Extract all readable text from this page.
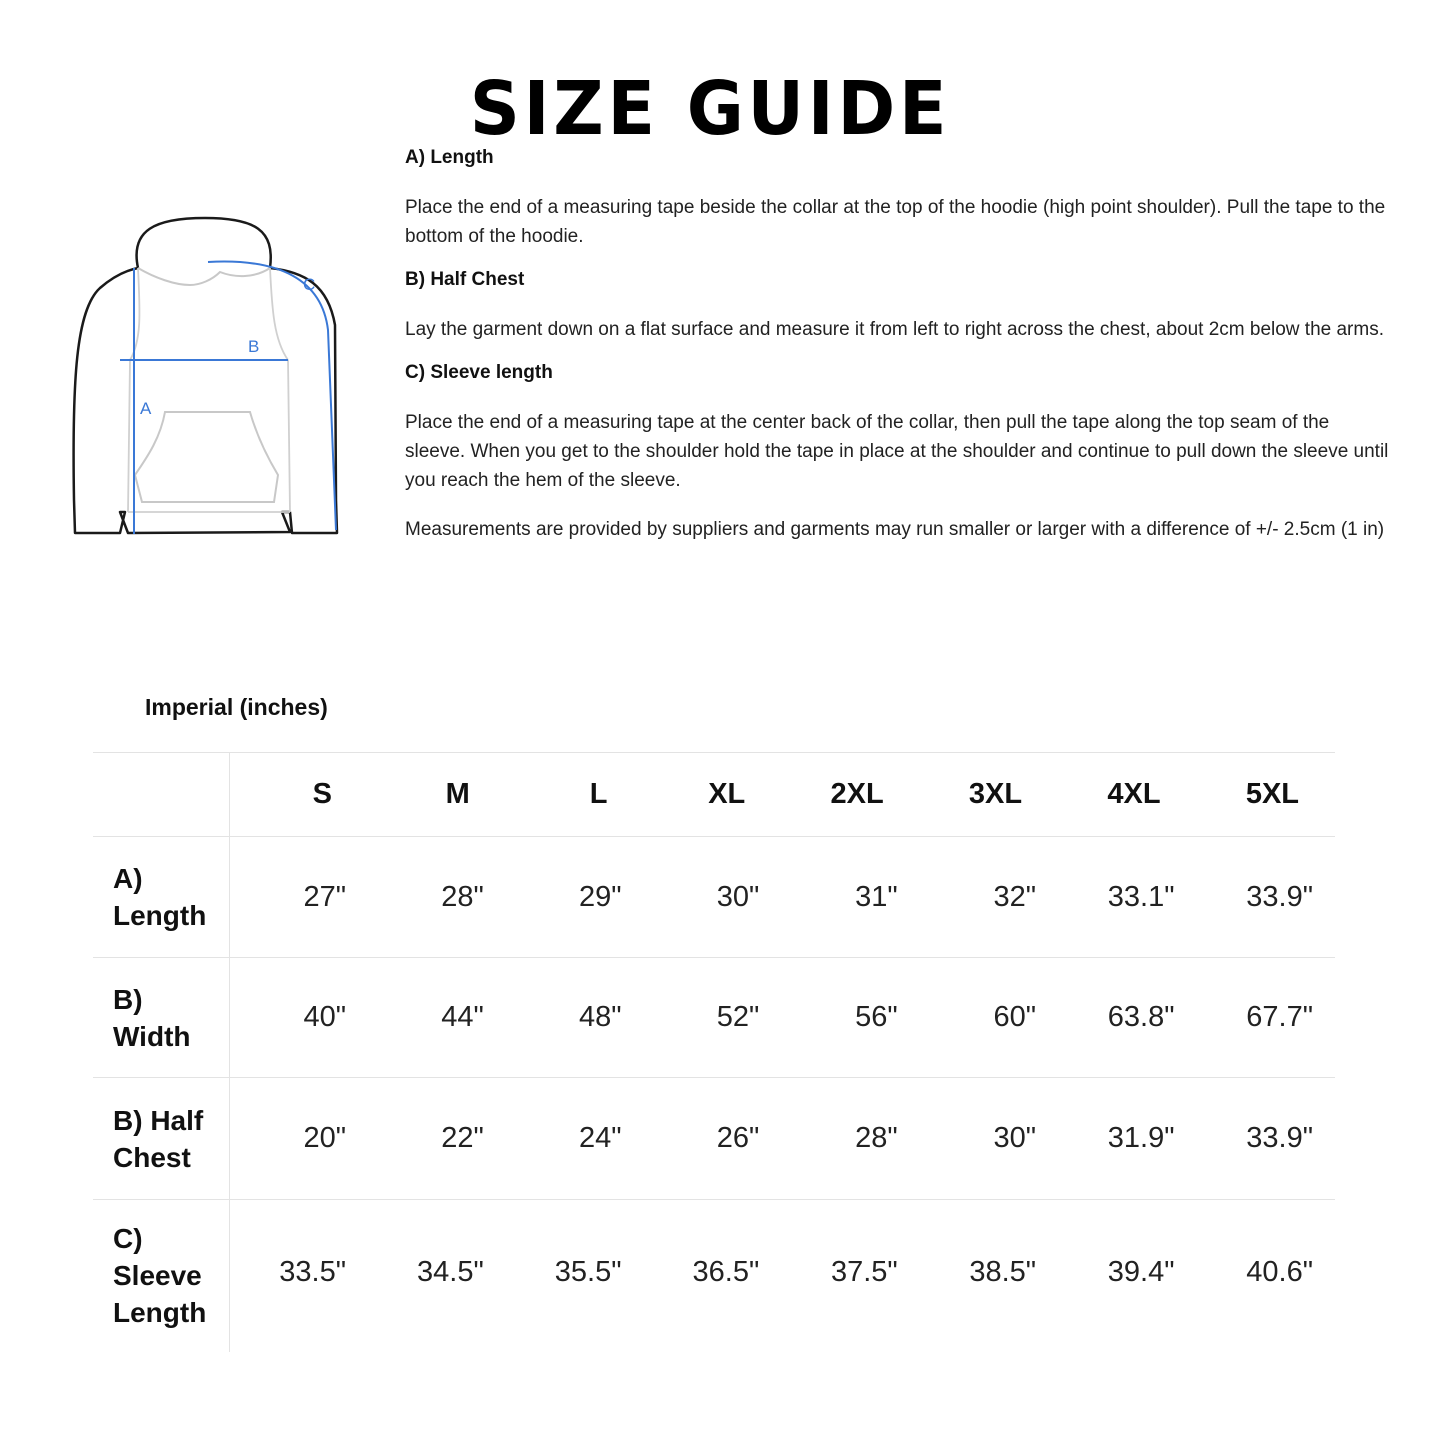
SIZE GUIDE
A
B
C
A) Length

Place the end of a measuring tape beside the collar at the top of the hoodie (high point shoulder). Pull the tape to the bottom of the hoodie.

B) Half Chest

Lay the garment down on a flat surface and measure it from left to right across the chest, about 2cm below the arms.

C) Sleeve length

Place the end of a measuring tape at the center back of the collar, then pull the tape along the top seam of the sleeve. When you get to the shoulder hold the tape in place at the shoulder and continue to pull down the sleeve until you reach the hem of the sleeve.

Measurements are provided by suppliers and garments may run smaller or larger with a difference of +/- 2.5cm (1 in)

Imperial (inches)
	S	M	L	XL	2XL	3XL	4XL	5XL

A) Length	27"	28"	29"	30"	31"	32"	33.1"	33.9"

B) Width	40"	44"	48"	52"	56"	60"	63.8"	67.7"

B) Half Chest	20"	22"	24"	26"	28"	30"	31.9"	33.9"

C) Sleeve Length	33.5"	34.5"	35.5"	36.5"	37.5"	38.5"	39.4"	40.6"
